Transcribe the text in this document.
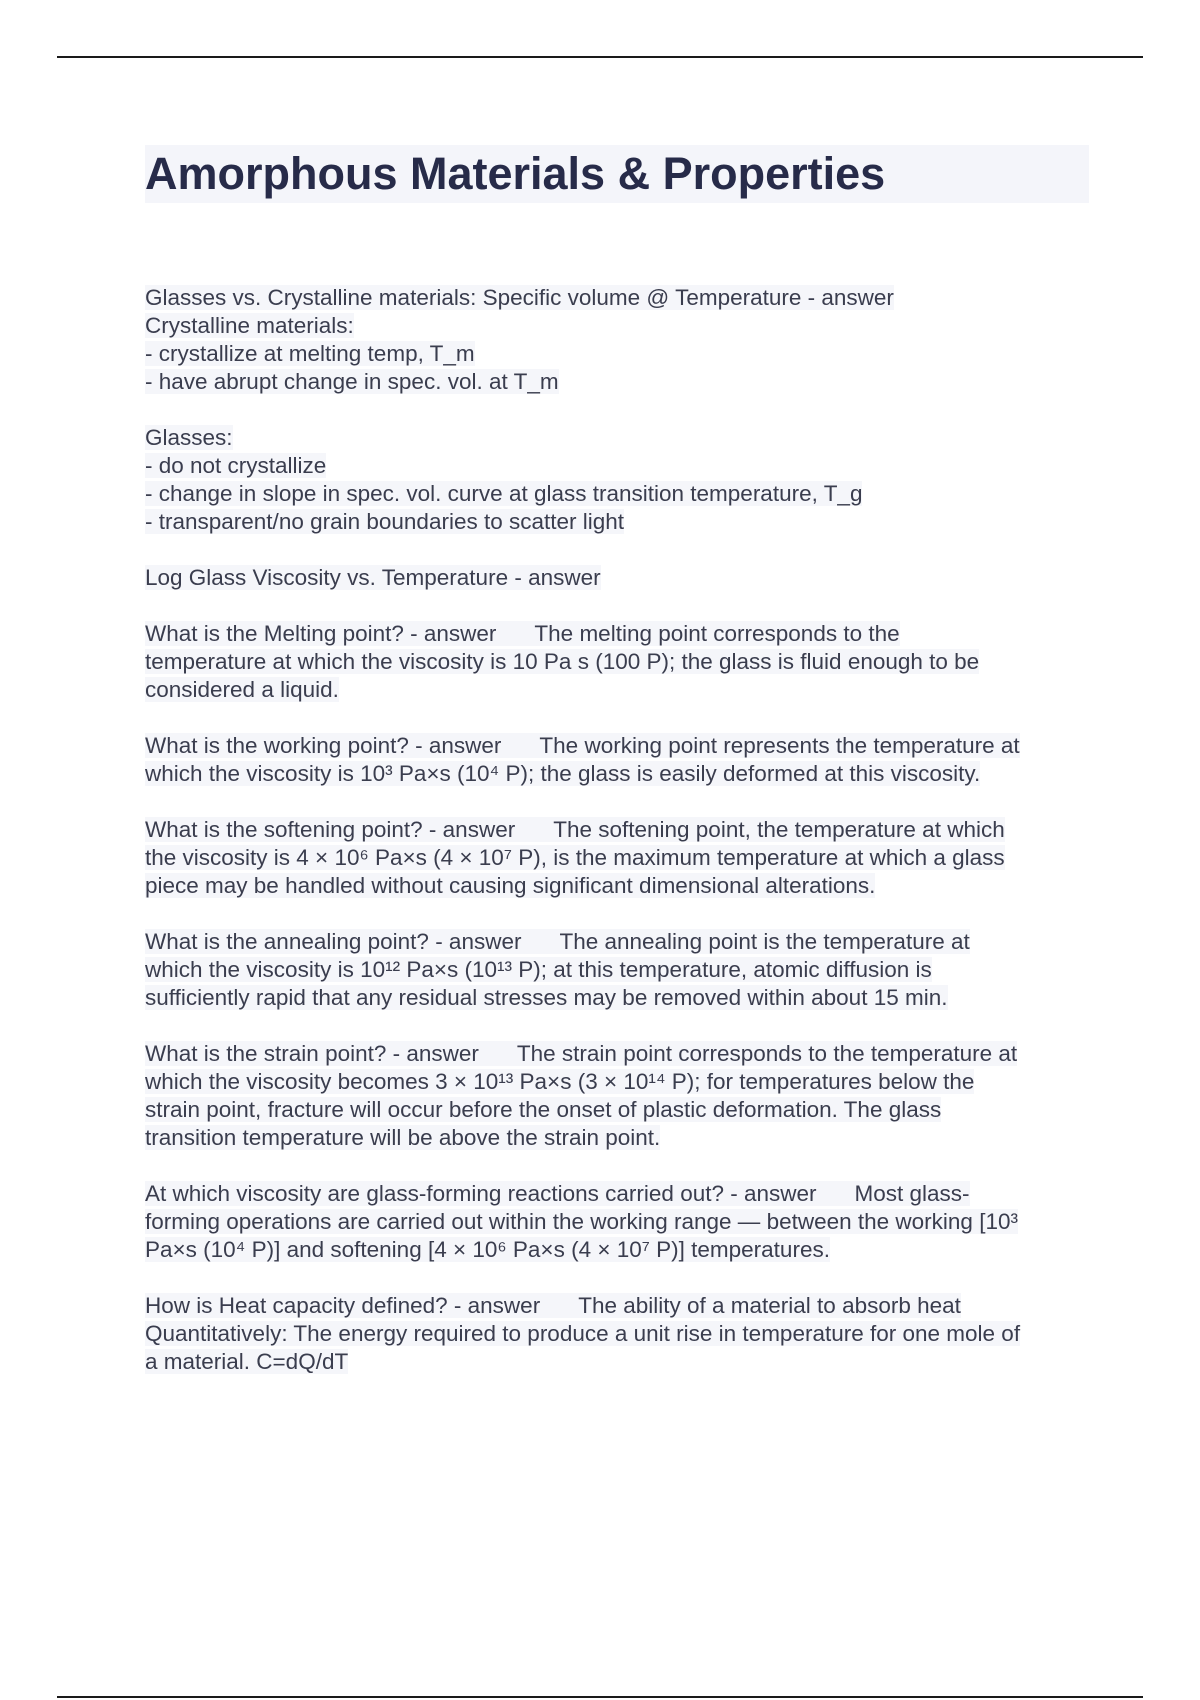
Amorphous Materials & Properties
Glasses vs. Crystalline materials: Specific volume @ Temperature - answer
Crystalline materials:
- crystallize at melting temp, T_m
- have abrupt change in spec. vol. at T_m
Glasses:
- do not crystallize
- change in slope in spec. vol. curve at glass transition temperature, T_g
- transparent/no grain boundaries to scatter light
Log Glass Viscosity vs. Temperature - answer
What is the Melting point? - answer The melting point corresponds to the
temperature at which the viscosity is 10 Pa s (100 P); the glass is fluid enough to be
considered a liquid.
What is the working point? - answer The working point represents the temperature at
which the viscosity is 10³ Pa×s (10⁴ P); the glass is easily deformed at this viscosity.
What is the softening point? - answer The softening point, the temperature at which
the viscosity is 4 × 10⁶ Pa×s (4 × 10⁷ P), is the maximum temperature at which a glass
piece may be handled without causing significant dimensional alterations.
What is the annealing point? - answer The annealing point is the temperature at
which the viscosity is 10¹² Pa×s (10¹³ P); at this temperature, atomic diffusion is
sufficiently rapid that any residual stresses may be removed within about 15 min.
What is the strain point? - answer The strain point corresponds to the temperature at
which the viscosity becomes 3 × 10¹³ Pa×s (3 × 10¹⁴ P); for temperatures below the
strain point, fracture will occur before the onset of plastic deformation. The glass
transition temperature will be above the strain point.
At which viscosity are glass-forming reactions carried out? - answer Most glass-
forming operations are carried out within the working range — between the working [10³
Pa×s (10⁴ P)] and softening [4 × 10⁶ Pa×s (4 × 10⁷ P)] temperatures.
How is Heat capacity defined? - answer The ability of a material to absorb heat
Quantitatively: The energy required to produce a unit rise in temperature for one mole of
a material. C=dQ/dT
